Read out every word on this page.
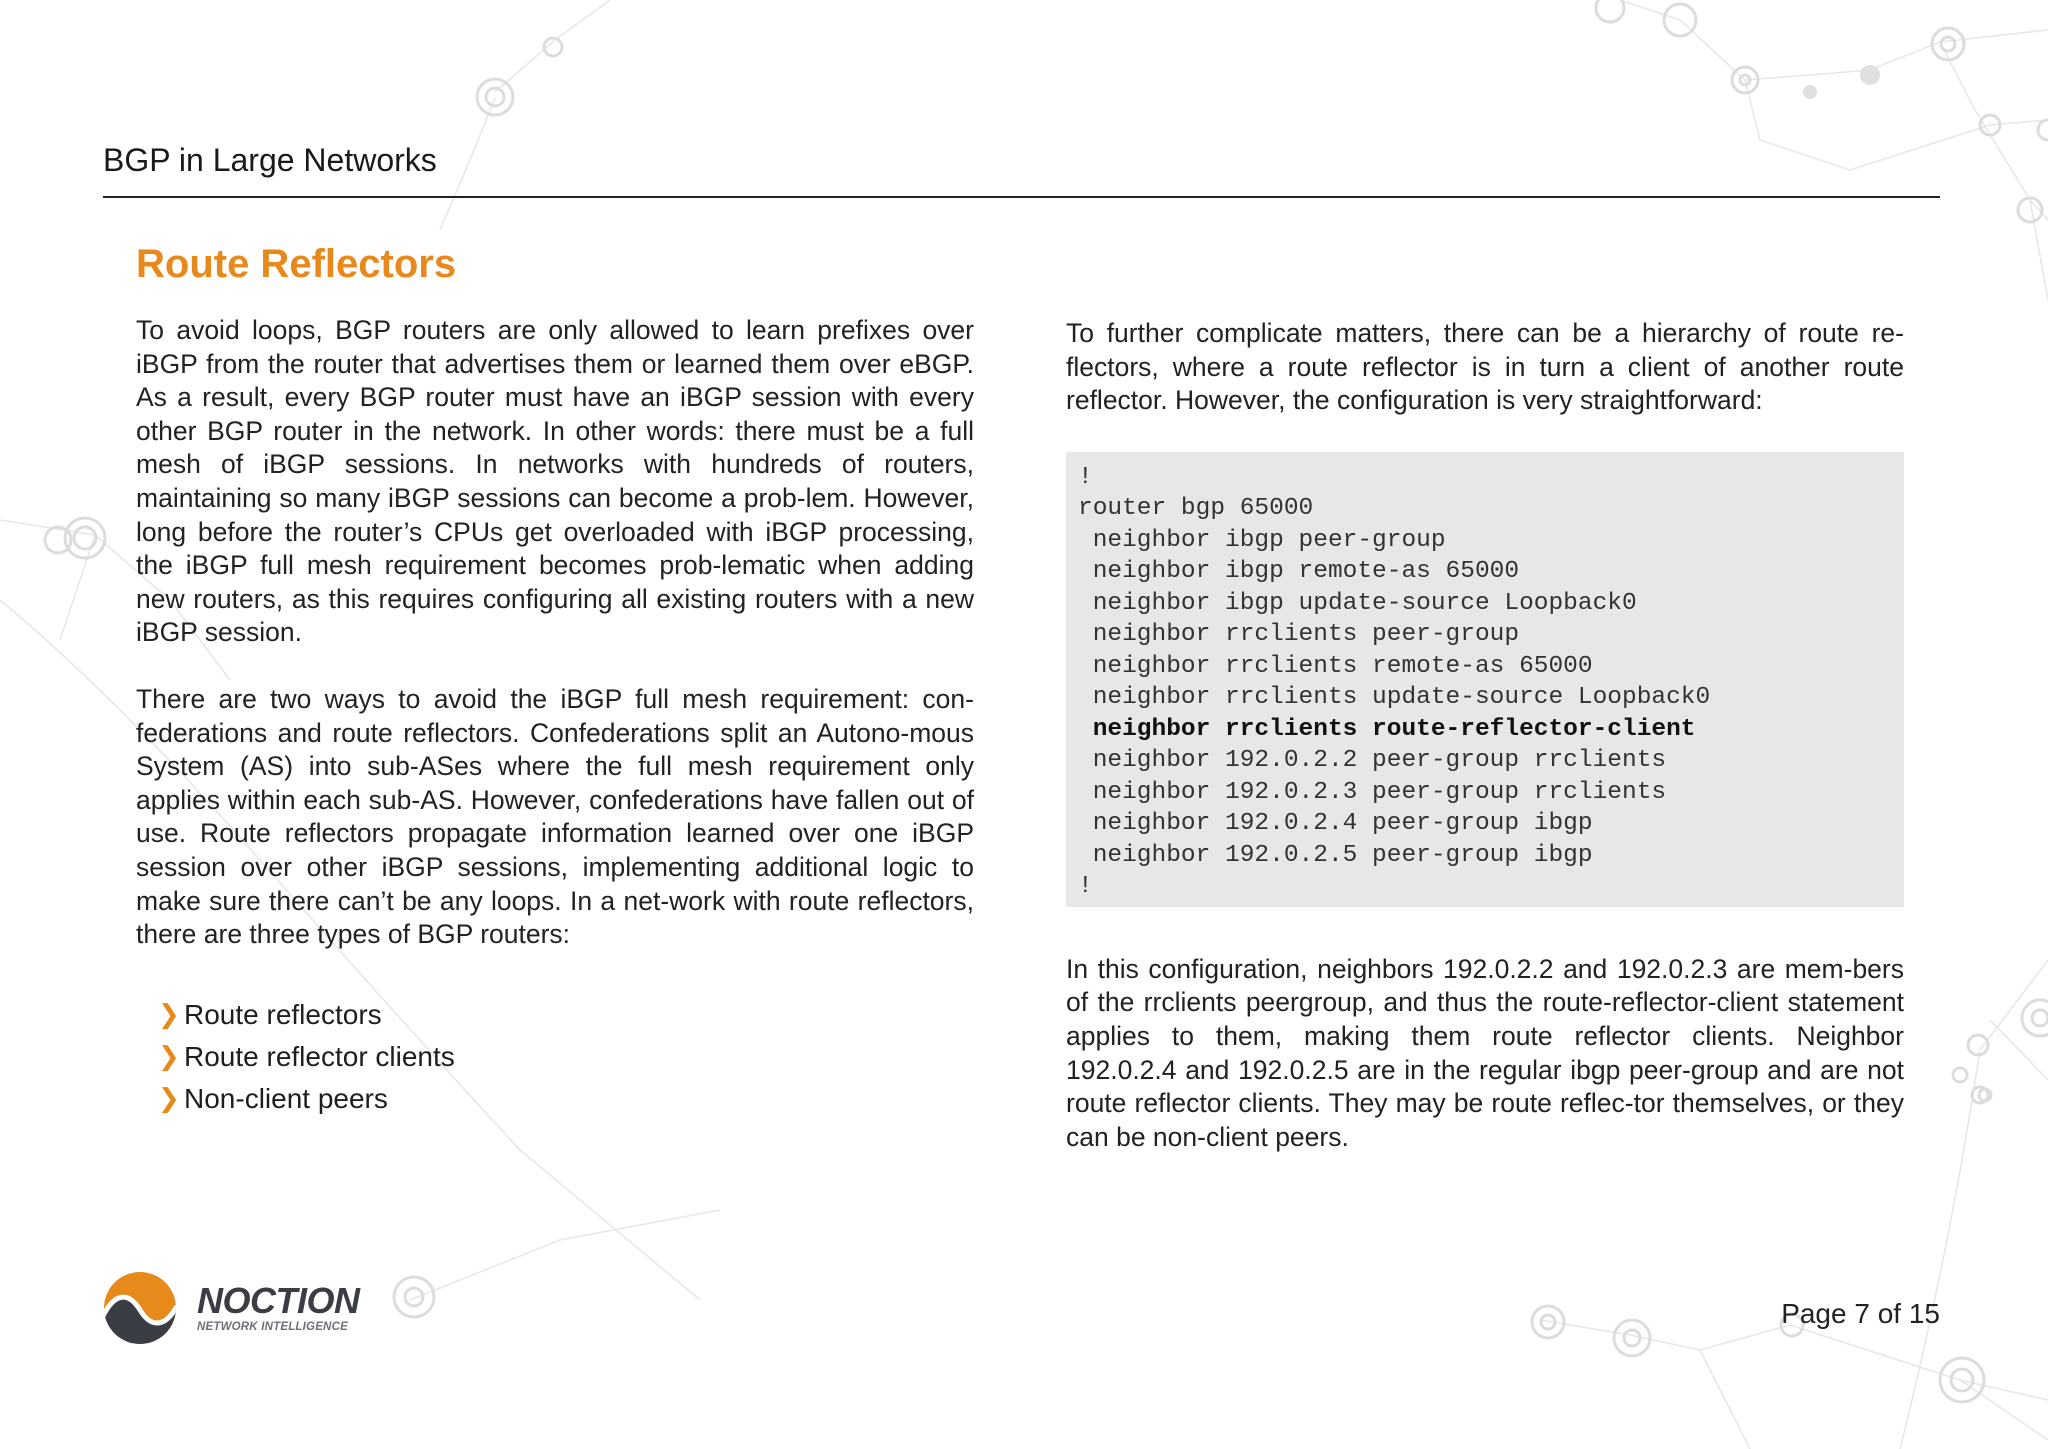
BGP in Large Networks
Route Reflectors

To avoid loops, BGP routers are only allowed to learn prefixes over iBGP from the router that advertises them or learned them over eBGP. As a result, every BGP router must have an iBGP session with every other BGP router in the network. In other words: there must be a full mesh of iBGP sessions. In networks with hundreds of routers, maintaining so many iBGP sessions can become a prob-lem. However, long before the router’s CPUs get overloaded with iBGP processing, the iBGP full mesh requirement becomes prob-lematic when adding new routers, as this requires configuring all existing routers with a new iBGP session.

There are two ways to avoid the iBGP full mesh requirement: con-federations and route reflectors. Confederations split an Autono-mous System (AS) into sub-ASes where the full mesh requirement only applies within each sub-AS. However, confederations have fallen out of use. Route reflectors propagate information learned over one iBGP session over other iBGP sessions, implementing additional logic to make sure there can’t be any loops. In a net-work with route reflectors, there are three types of BGP routers:

❯ Route reflectors
❯ Route reflector clients
❯ Non-client peers

To further complicate matters, there can be a hierarchy of route re-flectors, where a route reflector is in turn a client of another route reflector. However, the configuration is very straightforward:

!
router bgp 65000
neighbor ibgp peer-group
neighbor ibgp remote-as 65000
neighbor ibgp update-source Loopback0
neighbor rrclients peer-group
neighbor rrclients remote-as 65000
neighbor rrclients update-source Loopback0
neighbor rrclients route-reflector-client
neighbor 192.0.2.2 peer-group rrclients
neighbor 192.0.2.3 peer-group rrclients
neighbor 192.0.2.4 peer-group ibgp
neighbor 192.0.2.5 peer-group ibgp
!

In this configuration, neighbors 192.0.2.2 and 192.0.2.3 are mem-bers of the rrclients peergroup, and thus the route-reflector-client statement applies to them, making them route reflector clients. Neighbor 192.0.2.4 and 192.0.2.5 are in the regular ibgp peer-group and are not route reflector clients. They may be route reflec-tor themselves, or they can be non-client peers.

NOCTION
NETWORK INTELLIGENCE	Page 7 of 15
